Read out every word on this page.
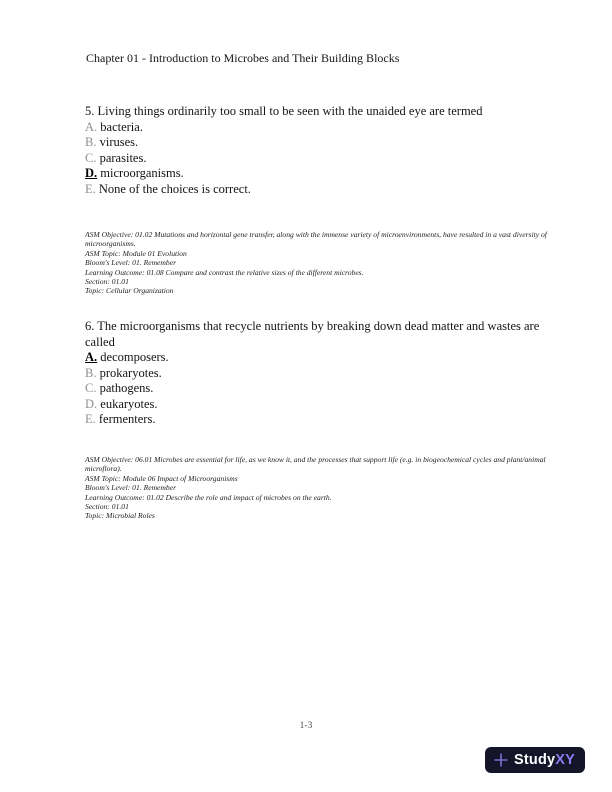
Chapter 01 - Introduction to Microbes and Their Building Blocks
5. Living things ordinarily too small to be seen with the unaided eye are termed
A. bacteria.
B. viruses.
C. parasites.
D. microorganisms.
E. None of the choices is correct.
ASM Objective: 01.02 Mutations and horizontal gene transfer, along with the immense variety of microenvironments, have resulted in a vast diversity of microorganisms.
ASM Topic: Module 01 Evolution
Bloom's Level: 01. Remember
Learning Outcome: 01.08 Compare and contrast the relative sizes of the different microbes.
Section: 01.01
Topic: Cellular Organization
6. The microorganisms that recycle nutrients by breaking down dead matter and wastes are called
A. decomposers.
B. prokaryotes.
C. pathogens.
D. eukaryotes.
E. fermenters.
ASM Objective: 06.01 Microbes are essential for life, as we know it, and the processes that support life (e.g. in biogeochemical cycles and plant/animal microflora).
ASM Topic: Module 06 Impact of Microorganisms
Bloom's Level: 01. Remember
Learning Outcome: 01.02 Describe the role and impact of microbes on the earth.
Section: 01.01
Topic: Microbial Roles
1-3
StudyXY
